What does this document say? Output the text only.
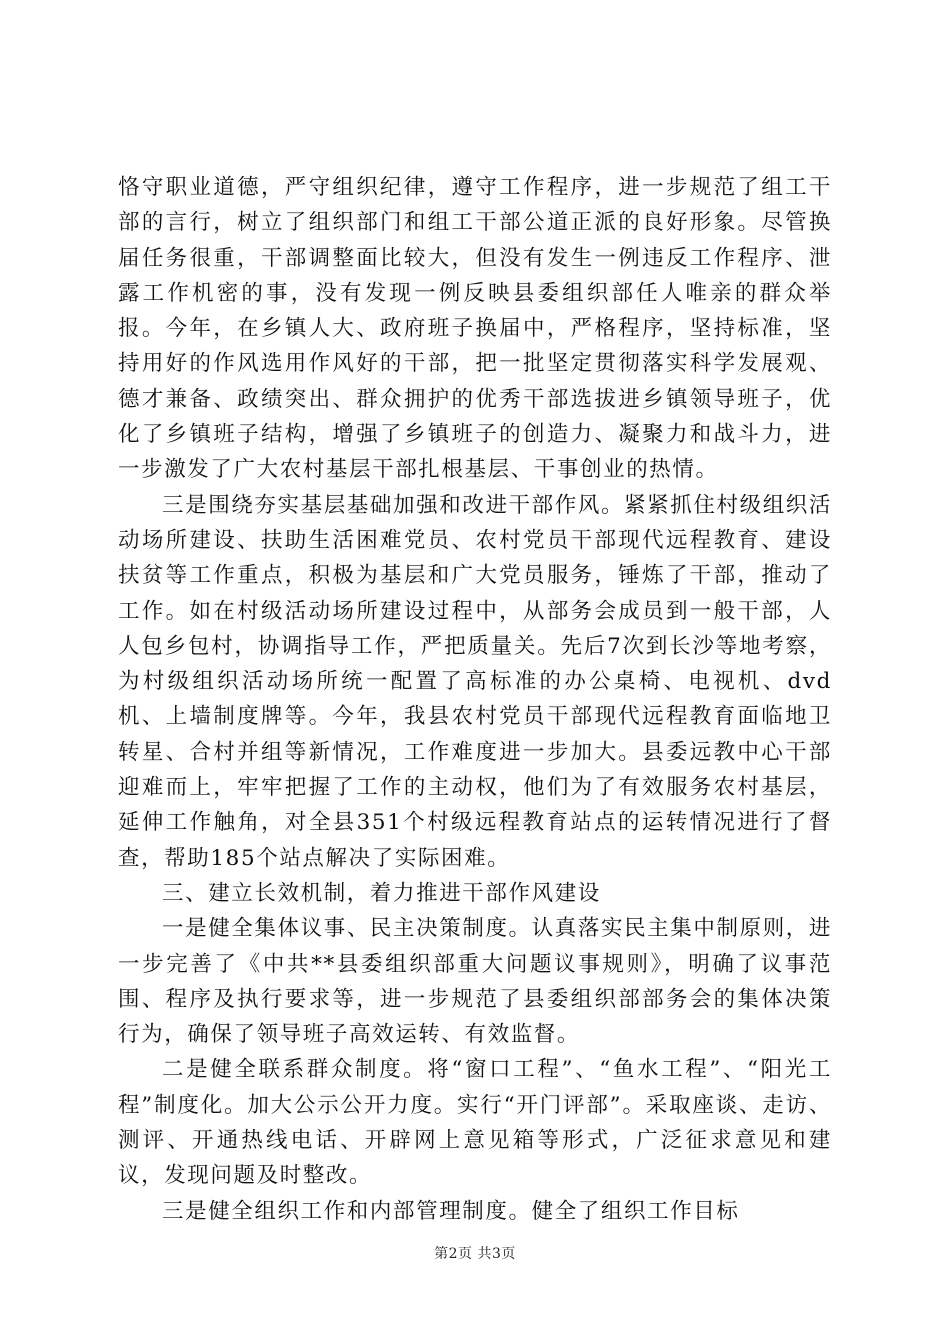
恪守职业道德，严守组织纪律，遵守工作程序，进一步规范了组工干部的言行，树立了组织部门和组工干部公道正派的良好形象。尽管换届任务很重，干部调整面比较大，但没有发生一例违反工作程序、泄露工作机密的事，没有发现一例反映县委组织部任人唯亲的群众举报。今年，在乡镇人大、政府班子换届中，严格程序，坚持标准，坚持用好的作风选用作风好的干部，把一批坚定贯彻落实科学发展观、德才兼备、政绩突出、群众拥护的优秀干部选拔进乡镇领导班子，优化了乡镇班子结构，增强了乡镇班子的创造力、凝聚力和战斗力，进一步激发了广大农村基层干部扎根基层、干事创业的热情。

三是围绕夯实基层基础加强和改进干部作风。紧紧抓住村级组织活动场所建设、扶助生活困难党员、农村党员干部现代远程教育、建设扶贫等工作重点，积极为基层和广大党员服务，锤炼了干部，推动了工作。如在村级活动场所建设过程中，从部务会成员到一般干部，人人包乡包村，协调指导工作，严把质量关。先后7次到长沙等地考察，为村级组织活动场所统一配置了高标准的办公桌椅、电视机、dvd机、上墙制度牌等。今年，我县农村党员干部现代远程教育面临地卫转星、合村并组等新情况，工作难度进一步加大。县委远教中心干部迎难而上，牢牢把握了工作的主动权，他们为了有效服务农村基层，延伸工作触角，对全县351个村级远程教育站点的运转情况进行了督查，帮助185个站点解决了实际困难。

三、建立长效机制，着力推进干部作风建设

一是健全集体议事、民主决策制度。认真落实民主集中制原则，进一步完善了《中共**县委组织部重大问题议事规则》，明确了议事范围、程序及执行要求等，进一步规范了县委组织部部务会的集体决策行为，确保了领导班子高效运转、有效监督。

二是健全联系群众制度。将“窗口工程”、“鱼水工程”、“阳光工程”制度化。加大公示公开力度。实行“开门评部”。采取座谈、走访、测评、开通热线电话、开辟网上意见箱等形式，广泛征求意见和建议，发现问题及时整改。

三是健全组织工作和内部管理制度。健全了组织工作目标

第2页 共3页
